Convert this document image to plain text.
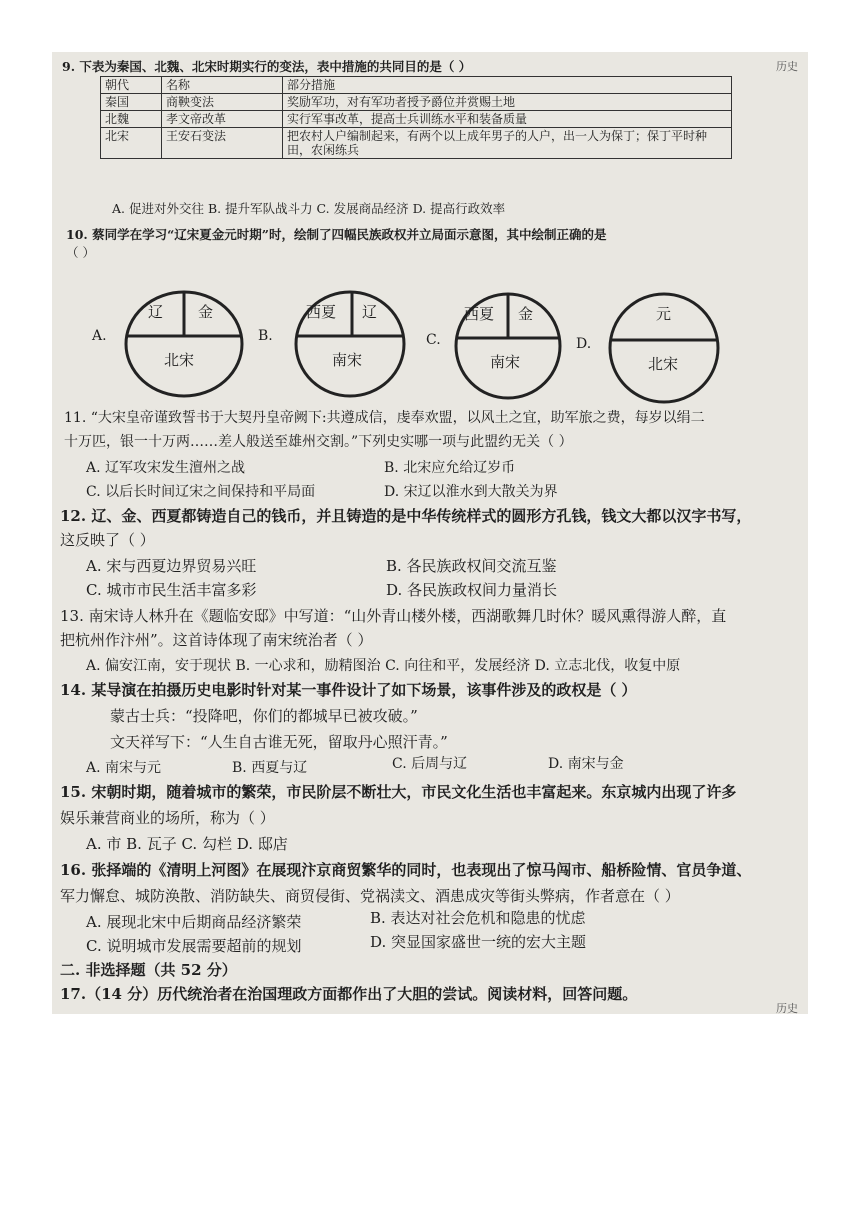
历史
9. 下表为秦国、北魏、北宋时期实行的变法，表中措施的共同目的是（ ）
朝代	名称	部分措施
秦国	商鞅变法	奖励军功，对有军功者授予爵位并赏赐土地
北魏	孝文帝改革	实行军事改革，提高士兵训练水平和装备质量
北宋	王安石变法	把农村人户编制起来，有两个以上成年男子的人户，出一人为保丁；保丁平时种田，农闲练兵
A. 促进对外交往 B. 提升军队战斗力 C. 发展商品经济 D. 提高行政效率
10. 蔡同学在学习“辽宋夏金元时期”时，绘制了四幅民族政权并立局面示意图，其中绘制正确的是
（ ）
A.
辽 金
北宋
B.
西夏 辽
南宋
C.
西夏 金
南宋
D.
元
北宋
11. “大宋皇帝谨致誓书于大契丹皇帝阙下:共遵成信，虔奉欢盟，以风土之宜，助军旅之费，每岁以绢二
十万匹，银一十万两……差人般送至雄州交割。”下列史实哪一项与此盟约无关（ ）
A. 辽军攻宋发生澶州之战	B. 北宋应允给辽岁币
C. 以后长时间辽宋之间保持和平局面	D. 宋辽以淮水到大散关为界
12. 辽、金、西夏都铸造自己的钱币，并且铸造的是中华传统样式的圆形方孔钱，钱文大都以汉字书写，
这反映了（ ）
A. 宋与西夏边界贸易兴旺	B. 各民族政权间交流互鉴
C. 城市市民生活丰富多彩	D. 各民族政权间力量消长
13. 南宋诗人林升在《题临安邸》中写道：“山外青山楼外楼，西湖歌舞几时休？暖风熏得游人醉，直
把杭州作汴州”。这首诗体现了南宋统治者（ ）
A. 偏安江南，安于现状 B. 一心求和，励精图治 C. 向往和平，发展经济 D. 立志北伐，收复中原
14. 某导演在拍摄历史电影时针对某一事件设计了如下场景，该事件涉及的政权是（ ）
蒙古士兵：“投降吧，你们的都城早已被攻破。”
文天祥写下：“人生自古谁无死，留取丹心照汗青。”
A. 南宋与元	B. 西夏与辽	C. 后周与辽	D. 南宋与金
15. 宋朝时期，随着城市的繁荣，市民阶层不断壮大，市民文化生活也丰富起来。东京城内出现了许多
娱乐兼营商业的场所，称为（ ）
A. 市 B. 瓦子 C. 勾栏 D. 邸店
16. 张择端的《清明上河图》在展现汴京商贸繁华的同时，也表现出了惊马闯市、船桥险情、官员争道、
军力懈怠、城防涣散、消防缺失、商贸侵街、党祸渎文、酒患成灾等街头弊病，作者意在（ ）
A. 展现北宋中后期商品经济繁荣	B. 表达对社会危机和隐患的忧虑
C. 说明城市发展需要超前的规划	D. 突显国家盛世一统的宏大主题
二. 非选择题（共 52 分）
17.（14 分）历代统治者在治国理政方面都作出了大胆的尝试。阅读材料，回答问题。
历史
